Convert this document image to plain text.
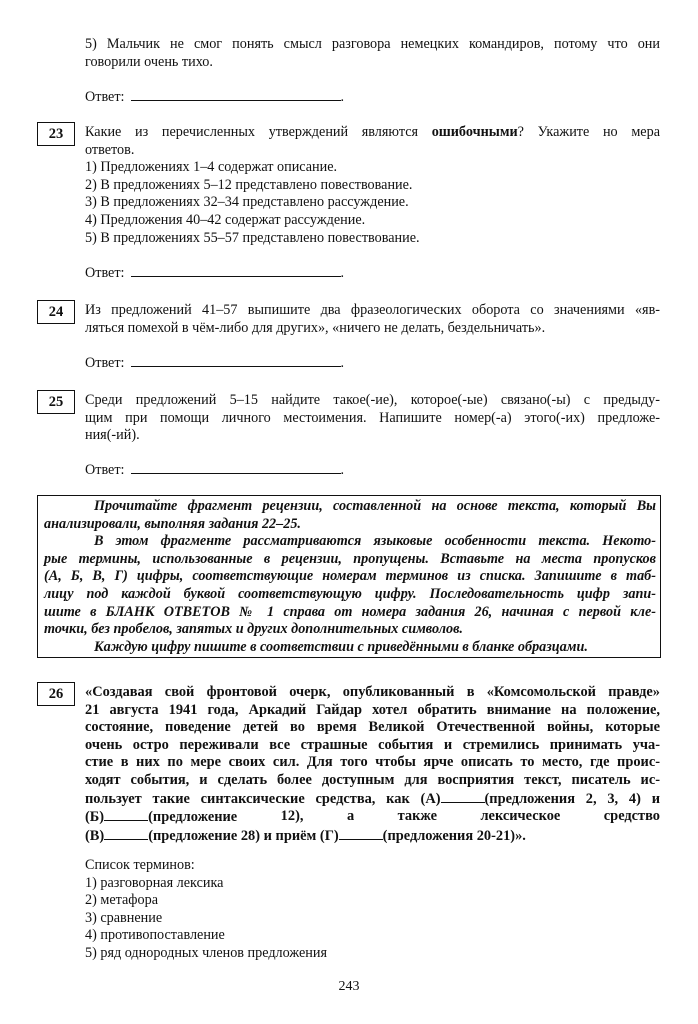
5) Мальчик не смог понять смысл разговора немецких командиров, потому что они
говорили очень тихо.
Ответ:	.
23	Какие из перечисленных утверждений являются ошибочными? Укажите но мера
ответов.
1) Предложениях 1–4 содержат описание.
2) В предложениях 5–12 представлено повествование.
3) В предложениях 32–34 представлено рассуждение.
4) Предложения 40–42 содержат рассуждение.
5) В предложениях 55–57 представлено повествование.
Ответ:	.
24	Из предложений 41–57 выпишите два фразеологических оборота со значениями «яв-
ляться помехой в чём-либо для других», «ничего не делать, бездельничать».
Ответ:	.
25	Среди предложений 5–15 найдите такое(-ие), которое(-ые) связано(-ы) с предыду-
щим при помощи личного местоимения. Напишите номер(-а) этого(-их) предложе-
ния(-ий).
Ответ:	.
Прочитайте фрагмент рецензии, составленной на основе текста, который Вы
анализировали, выполняя задания 22–25.
В этом фрагменте рассматриваются языковые особенности текста. Некото-
рые термины, использованные в рецензии, пропущены. Вставьте на места пропусков
(А, Б, В, Г) цифры, соответствующие номерам терминов из списка. Запишите в таб-
лицу под каждой буквой соответствующую цифру. Последовательность цифр запи-
шите в БЛАНК ОТВЕТОВ № 1 справа от номера задания 26, начиная с первой кле-
точки, без пробелов, запятых и других дополнительных символов.
Каждую цифру пишите в соответствии с приведёнными в бланке образцами.
26	«Создавая свой фронтовой очерк, опубликованный в «Комсомольской правде»
21 августа 1941 года, Аркадий Гайдар хотел обратить внимание на положение,
состояние, поведение детей во время Великой Отечественной войны, которые
очень остро переживали все страшные события и стремились принимать уча-
стие в них по мере своих сил. Для того чтобы ярче описать то место, где проис-
ходят события, и сделать более доступным для восприятия текст, писатель ис-
пользует такие синтаксические средства, как (А)	(предложения 2, 3, 4) и
(Б)	(предложение	12),	а	также	лексическое	средство
(В)	(предложение 28) и приём (Г)	(предложения 20-21)».
Список терминов:
1) разговорная лексика
2) метафора
3) сравнение
4) противопоставление
5) ряд однородных членов предложения
243
